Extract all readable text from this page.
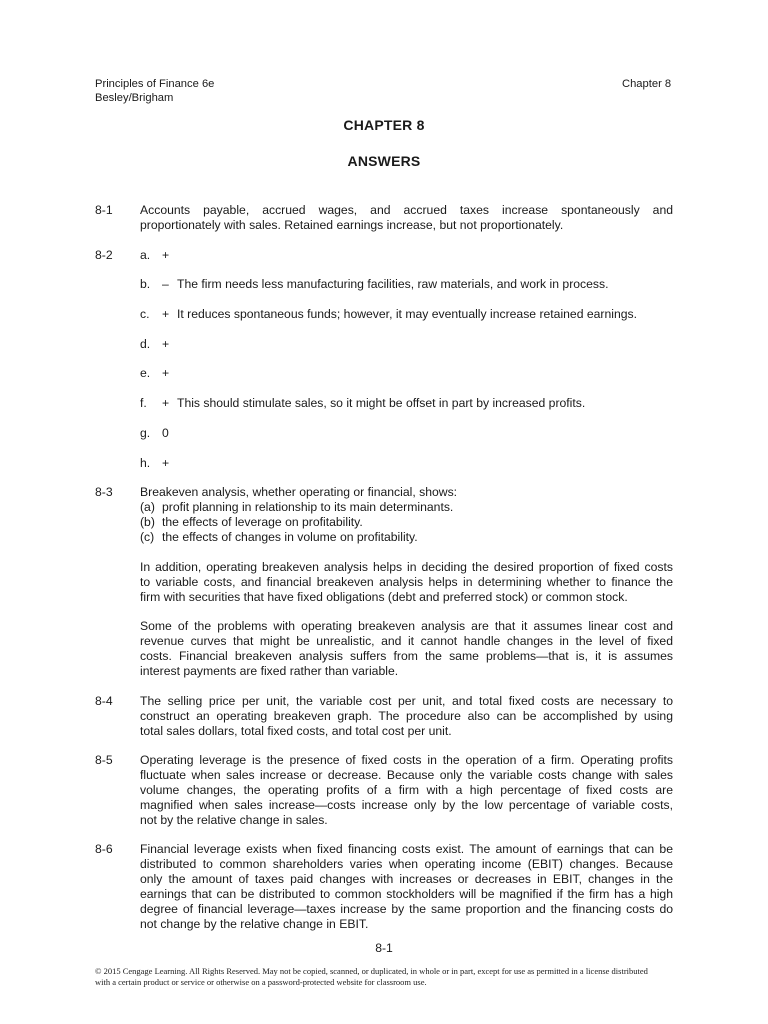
Principles of Finance 6e
Besley/Brigham
Chapter 8
CHAPTER 8
ANSWERS
8-1 Accounts payable, accrued wages, and accrued taxes increase spontaneously and
proportionately with sales. Retained earnings increase, but not proportionately.
8-2 a. +
b. – The firm needs less manufacturing facilities, raw materials, and work in process.
c. + It reduces spontaneous funds; however, it may eventually increase retained earnings.
d. +
e. +
f. + This should stimulate sales, so it might be offset in part by increased profits.
g. 0
h. +
8-3 Breakeven analysis, whether operating or financial, shows:
(a) profit planning in relationship to its main determinants.
(b) the effects of leverage on profitability.
(c) the effects of changes in volume on profitability.
In addition, operating breakeven analysis helps in deciding the desired proportion of fixed costs
to variable costs, and financial breakeven analysis helps in determining whether to finance the
firm with securities that have fixed obligations (debt and preferred stock) or common stock.
Some of the problems with operating breakeven analysis are that it assumes linear cost and
revenue curves that might be unrealistic, and it cannot handle changes in the level of fixed
costs. Financial breakeven analysis suffers from the same problems—that is, it is assumes
interest payments are fixed rather than variable.
8-4 The selling price per unit, the variable cost per unit, and total fixed costs are necessary to
construct an operating breakeven graph. The procedure also can be accomplished by using
total sales dollars, total fixed costs, and total cost per unit.
8-5 Operating leverage is the presence of fixed costs in the operation of a firm. Operating profits
fluctuate when sales increase or decrease. Because only the variable costs change with sales
volume changes, the operating profits of a firm with a high percentage of fixed costs are
magnified when sales increase—costs increase only by the low percentage of variable costs,
not by the relative change in sales.
8-6 Financial leverage exists when fixed financing costs exist. The amount of earnings that can be
distributed to common shareholders varies when operating income (EBIT) changes. Because
only the amount of taxes paid changes with increases or decreases in EBIT, changes in the
earnings that can be distributed to common stockholders will be magnified if the firm has a high
degree of financial leverage—taxes increase by the same proportion and the financing costs do
not change by the relative change in EBIT.
8-1
© 2015 Cengage Learning. All Rights Reserved. May not be copied, scanned, or duplicated, in whole or in part, except for use as permitted in a license distributed
with a certain product or service or otherwise on a password-protected website for classroom use.
